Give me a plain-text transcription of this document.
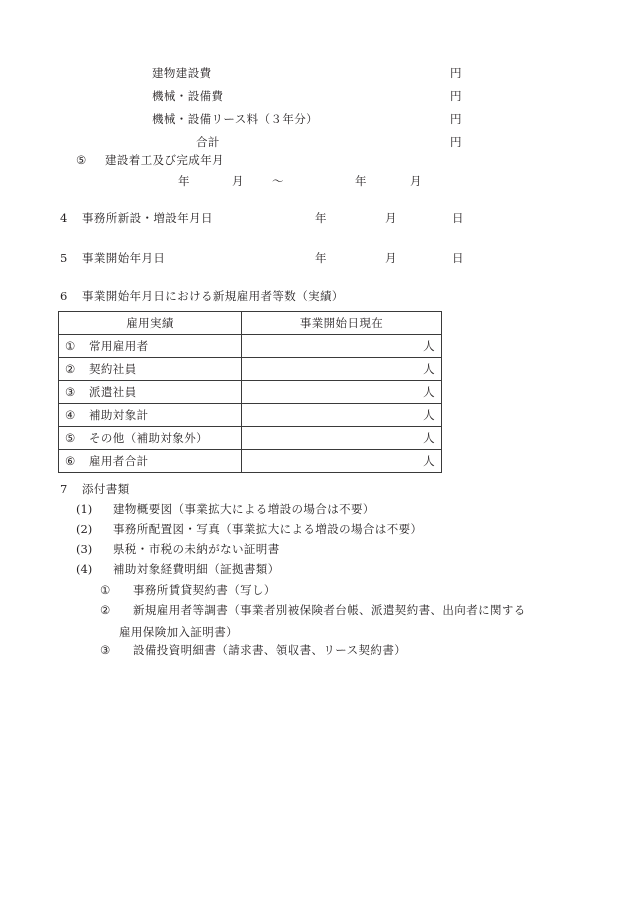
建物建設費	円
機械・設備費	円
機械・設備リース料（３年分）	円
合計	円
⑤ 建設着工及び完成年月
年	月 〜	年	月
4 事務所新設・増設年月日	年	月	日
5 事業開始年月日	年	月	日
6 事業開始年月日における新規雇用者等数（実績）
雇用実績	事業開始日現在

① 常用雇用者	人

② 契約社員	人

③ 派遣社員	人

④ 補助対象計	人

⑤ その他（補助対象外）	人

⑥ 雇用者合計	人
7 添付書類
(1) 建物概要図（事業拡大による増設の場合は不要）
(2) 事務所配置図・写真（事業拡大による増設の場合は不要）
(3) 県税・市税の未納がない証明書
(4) 補助対象経費明細（証拠書類）
① 事務所賃貸契約書（写し）
② 新規雇用者等調書（事業者別被保険者台帳、派遣契約書、出向者に関する
雇用保険加入証明書）
③ 設備投資明細書（請求書、領収書、リース契約書）
